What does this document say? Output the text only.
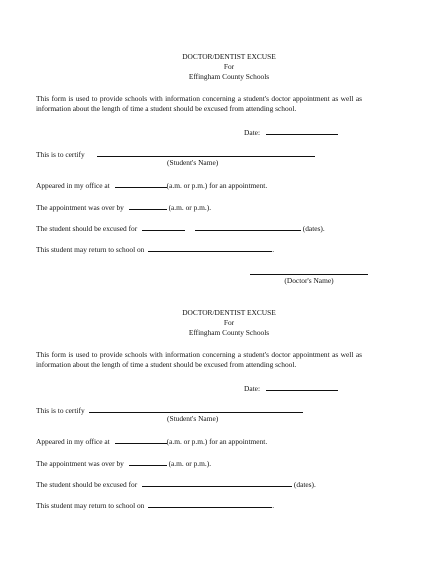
DOCTOR/DENTIST EXCUSE
For
Effingham County Schools
This form is used to provide schools with information concerning a student's doctor appointment as well as information about the length of time a student should be excused from attending school.
Date:
This is to certify
(Student's Name)
Appeared in my office at	(a.m. or p.m.) for an appointment.
The appointment was over by	(a.m. or p.m.).
The student should be excused for	(dates).
This student may return to school on	.
(Doctor's Name)
DOCTOR/DENTIST EXCUSE
For
Effingham County Schools
This form is used to provide schools with information concerning a student's doctor appointment as well as information about the length of time a student should be excused from attending school.
Date:
This is to certify
(Student's Name)
Appeared in my office at	(a.m. or p.m.) for an appointment.
The appointment was over by	(a.m. or p.m.).
The student should be excused for	(dates).
This student may return to school on	.
